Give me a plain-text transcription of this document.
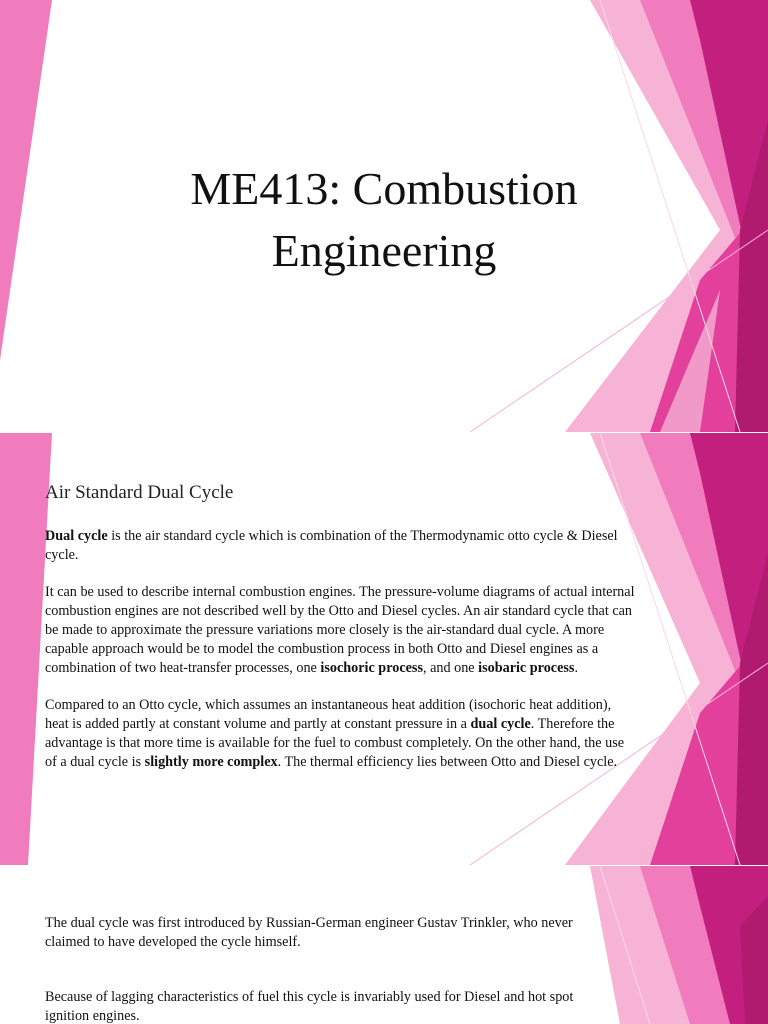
ME413: Combustion
Engineering
Air Standard Dual Cycle

Dual cycle is the air standard cycle which is combination of the Thermodynamic otto cycle & Diesel cycle.

It can be used to describe internal combustion engines. The pressure-volume diagrams of actual internal combustion engines are not described well by the Otto and Diesel cycles. An air standard cycle that can be made to approximate the pressure variations more closely is the air-standard dual cycle. A more capable approach would be to model the combustion process in both Otto and Diesel engines as a combination of two heat-transfer processes, one isochoric process, and one isobaric process.

Compared to an Otto cycle, which assumes an instantaneous heat addition (isochoric heat addition), heat is added partly at constant volume and partly at constant pressure in a dual cycle. Therefore the advantage is that more time is available for the fuel to combust completely. On the other hand, the use of a dual cycle is slightly more complex. The thermal efficiency lies between Otto and Diesel cycle.

The dual cycle was first introduced by Russian-German engineer Gustav Trinkler, who never claimed to have developed the cycle himself.

Because of lagging characteristics of fuel this cycle is invariably used for Diesel and hot spot ignition engines.
